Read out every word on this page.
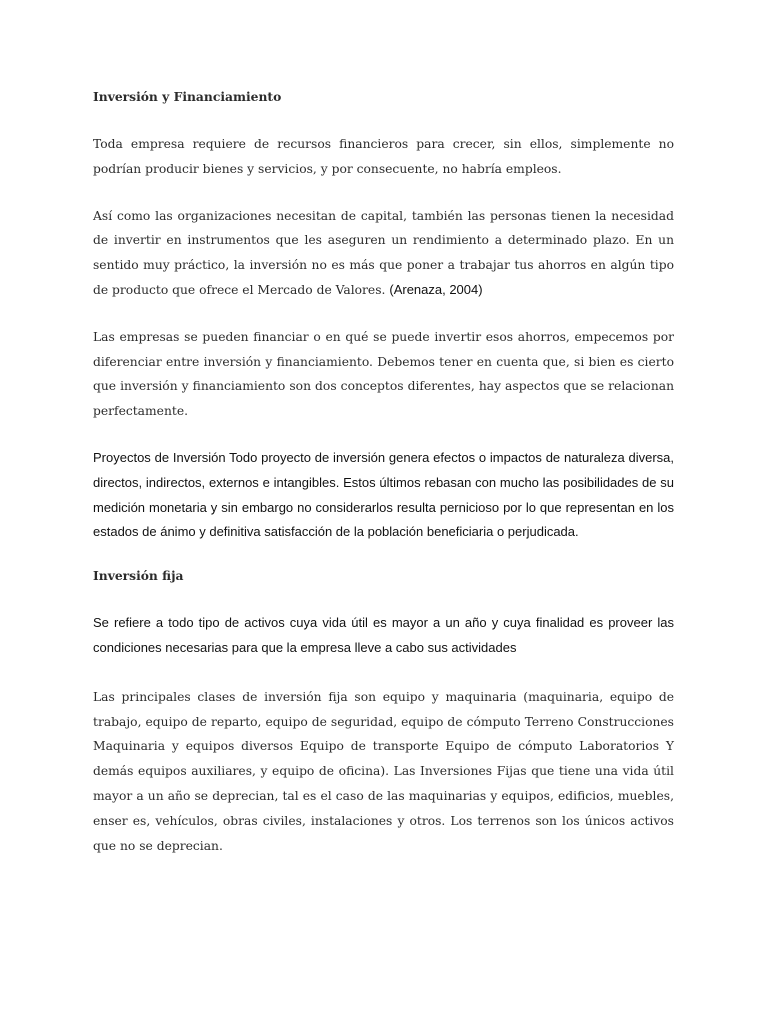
Inversión y Financiamiento

Toda empresa requiere de recursos financieros para crecer, sin ellos, simplemente no podrían producir bienes y servicios, y por consecuente, no habría empleos.

Así como las organizaciones necesitan de capital, también las personas tienen la necesidad de invertir en instrumentos que les aseguren un rendimiento a determinado plazo. En un sentido muy práctico, la inversión no es más que poner a trabajar tus ahorros en algún tipo de producto que ofrece el Mercado de Valores. (Arenaza, 2004)

Las empresas se pueden financiar o en qué se puede invertir esos ahorros, empecemos por diferenciar entre inversión y financiamiento. Debemos tener en cuenta que, si bien es cierto que inversión y financiamiento son dos conceptos diferentes, hay aspectos que se relacionan perfectamente.

Proyectos de Inversión Todo proyecto de inversión genera efectos o impactos de naturaleza diversa, directos, indirectos, externos e intangibles. Estos últimos rebasan con mucho las posibilidades de su medición monetaria y sin embargo no considerarlos resulta pernicioso por lo que representan en los estados de ánimo y definitiva satisfacción de la población beneficiaria o perjudicada.

Inversión fija

Se refiere a todo tipo de activos cuya vida útil es mayor a un año y cuya finalidad es proveer las condiciones necesarias para que la empresa lleve a cabo sus actividades

Las principales clases de inversión fija son equipo y maquinaria (maquinaria, equipo de trabajo, equipo de reparto, equipo de seguridad, equipo de cómputo Terreno Construcciones Maquinaria y equipos diversos Equipo de transporte Equipo de cómputo Laboratorios Y demás equipos auxiliares, y equipo de oficina). Las Inversiones Fijas que tiene una vida útil mayor a un año se deprecian, tal es el caso de las maquinarias y equipos, edificios, muebles, enser es, vehículos, obras civiles, instalaciones y otros. Los terrenos son los únicos activos que no se deprecian.
